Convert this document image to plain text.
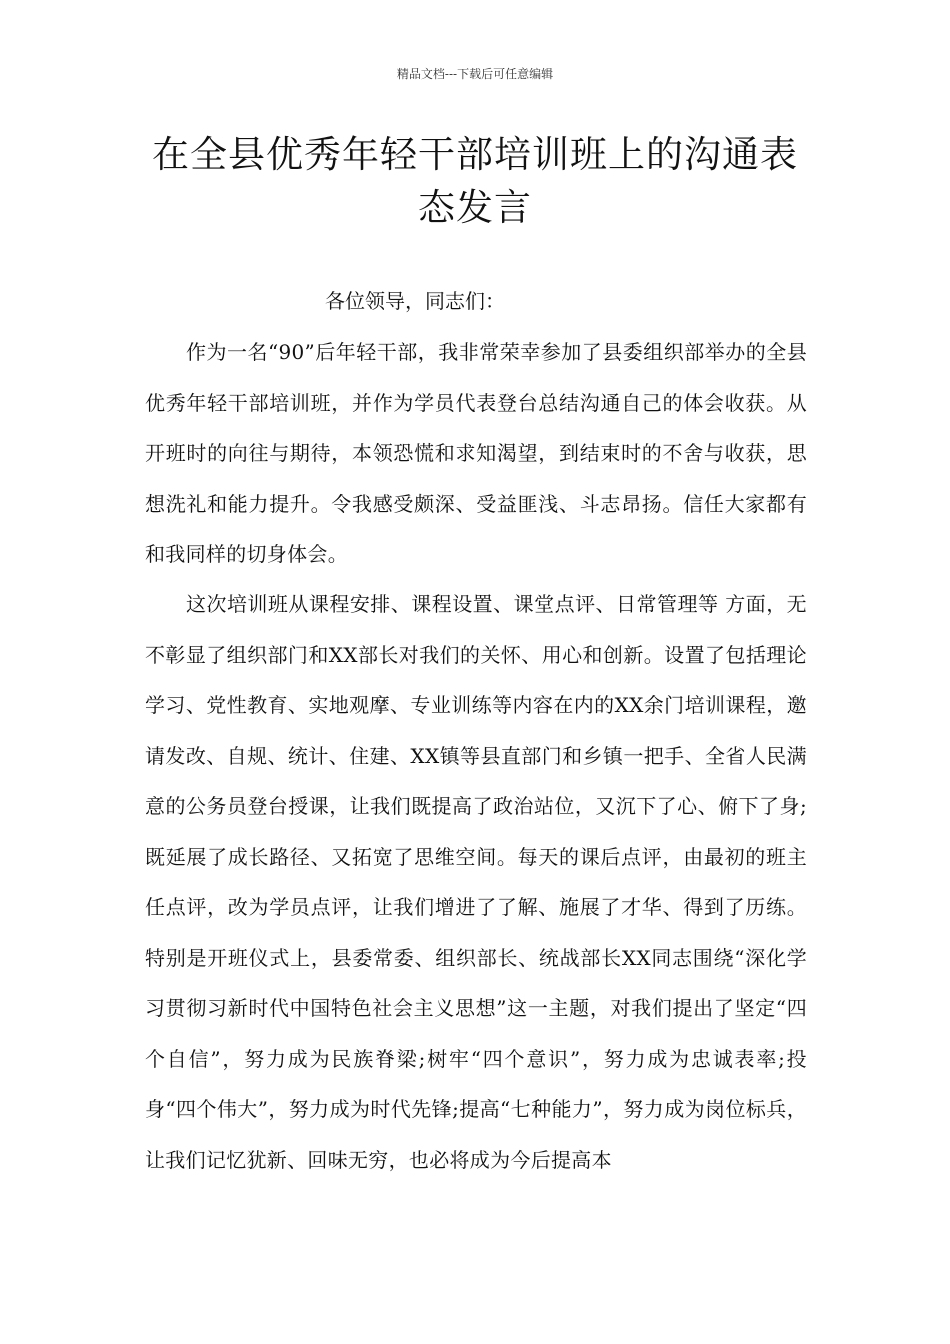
精品文档---下载后可任意编辑
在全县优秀年轻干部培训班上的沟通表态发言

各位领导，同志们：

作为一名“90”后年轻干部，我非常荣幸参加了县委组织部举办的全县优秀年轻干部培训班，并作为学员代表登台总结沟通自己的体会收获。从开班时的向往与期待，本领恐慌和求知渴望，到结束时的不舍与收获，思想洗礼和能力提升。令我感受颇深、受益匪浅、斗志昂扬。信任大家都有和我同样的切身体会。

这次培训班从课程安排、课程设置、课堂点评、日常管理等 方面，无不彰显了组织部门和XX部长对我们的关怀、用心和创新。设置了包括理论学习、党性教育、实地观摩、专业训练等内容在内的XX余门培训课程，邀请发改、自规、统计、住建、XX镇等县直部门和乡镇一把手、全省人民满意的公务员登台授课，让我们既提高了政治站位，又沉下了心、俯下了身;既延展了成长路径、又拓宽了思维空间。每天的课后点评，由最初的班主任点评，改为学员点评，让我们增进了了解、施展了才华、得到了历练。特别是开班仪式上，县委常委、组织部长、统战部长XX同志围绕“深化学习贯彻习新时代中国特色社会主义思想”这一主题，对我们提出了坚定“四个自信”，努力成为民族脊梁;树牢“四个意识”，努力成为忠诚表率;投身“四个伟大”，努力成为时代先锋;提高“七种能力”，努力成为岗位标兵，让我们记忆犹新、回味无穷，也必将成为今后提高本
